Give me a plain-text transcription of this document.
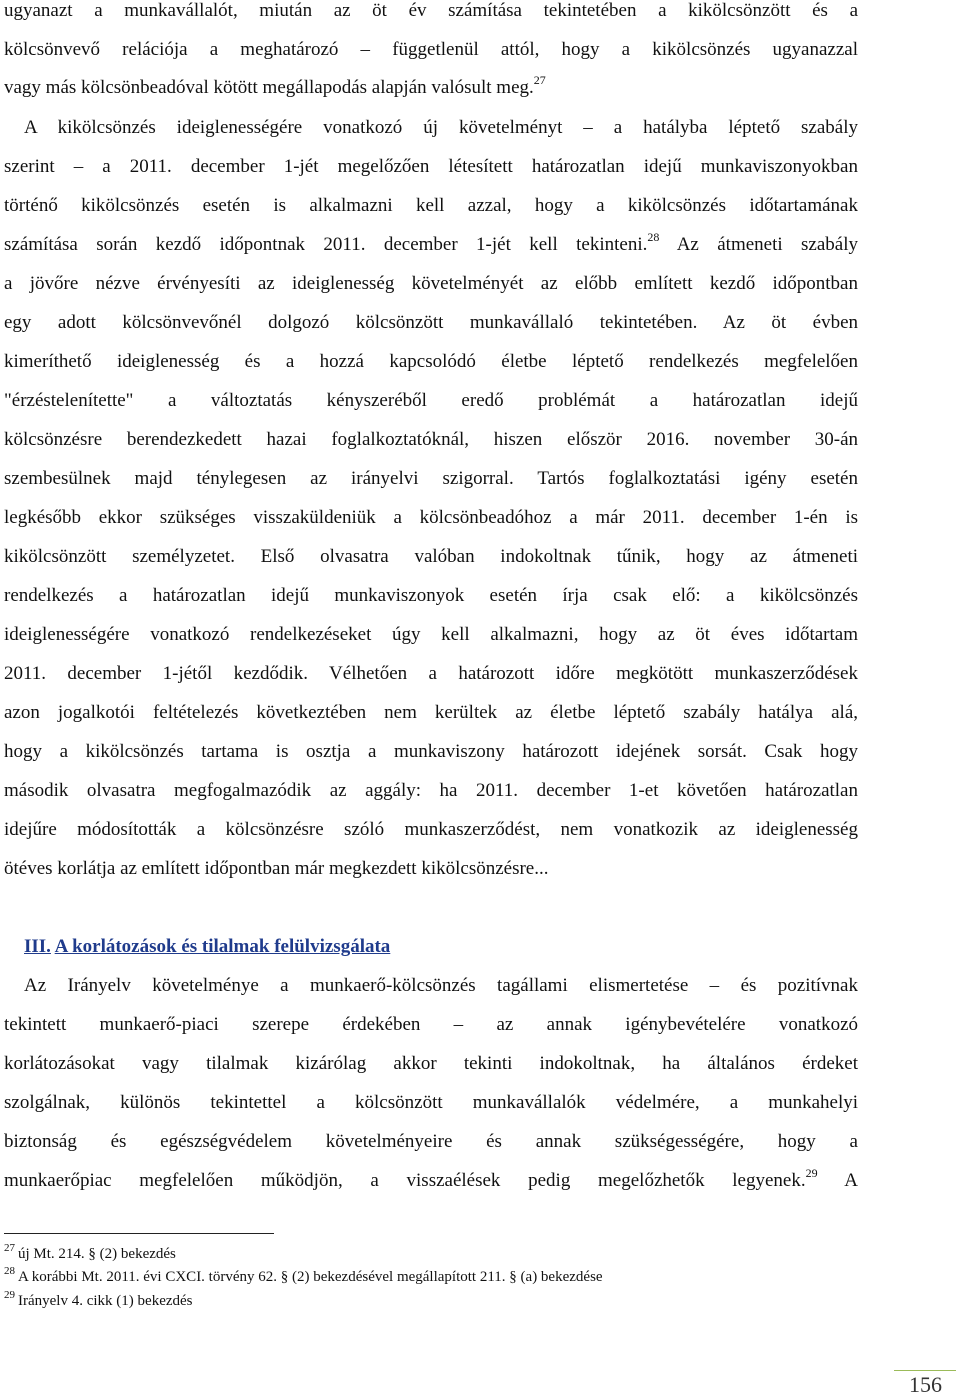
ugyanazt a munkavállalót, miután az öt év számítása tekintetében a kikölcsönzött és a
kölcsönvevő relációja a meghatározó – függetlenül attól, hogy a kikölcsönzés ugyanazzal
vagy más kölcsönbeadóval kötött megállapodás alapján valósult meg.$^{27}$
A kikölcsönzés ideiglenességére vonatkozó új követelményt – a hatályba léptető szabály
szerint – a 2011. december 1-jét megelőzően létesített határozatlan idejű munkaviszonyokban
történő kikölcsönzés esetén is alkalmazni kell azzal, hogy a kikölcsönzés időtartamának
számítása során kezdő időpontnak 2011. december 1-jét kell tekinteni.$^{28}$ Az átmeneti szabály
a jövőre nézve érvényesíti az ideiglenesség követelményét az előbb említett kezdő időpontban
egy adott kölcsönvevőnél dolgozó kölcsönzött munkavállaló tekintetében. Az öt évben
kimeríthető ideiglenesség és a hozzá kapcsolódó életbe léptető rendelkezés megfelelően
"érzéstelenítette" a változtatás kényszeréből eredő problémát a határozatlan idejű
kölcsönzésre berendezkedett hazai foglalkoztatóknál, hiszen először 2016. november 30-án
szembesülnek majd ténylegesen az irányelvi szigorral. Tartós foglalkoztatási igény esetén
legkésőbb ekkor szükséges visszaküldeniük a kölcsönbeadóhoz a már 2011. december 1-én is
kikölcsönzött személyzetet. Első olvasatra valóban indokoltnak tűnik, hogy az átmeneti
rendelkezés a határozatlan idejű munkaviszonyok esetén írja csak elő: a kikölcsönzés
ideiglenességére vonatkozó rendelkezéseket úgy kell alkalmazni, hogy az öt éves időtartam
2011. december 1-jétől kezdődik. Vélhetően a határozott időre megkötött munkaszerződések
azon jogalkotói feltételezés következtében nem kerültek az életbe léptető szabály hatálya alá,
hogy a kikölcsönzés tartama is osztja a munkaviszony határozott idejének sorsát. Csak hogy
második olvasatra megfogalmazódik az aggály: ha 2011. december 1-et követően határozatlan
idejűre módosították a kölcsönzésre szóló munkaszerződést, nem vonatkozik az ideiglenesség
ötéves korlátja az említett időpontban már megkezdett kikölcsönzésre...
III. A korlátozások és tilalmak felülvizsgálata
Az Irányelv követelménye a munkaerő-kölcsönzés tagállami elismertetése – és pozitívnak
tekintett munkaerő-piaci szerepe érdekében – az annak igénybevételére vonatkozó
korlátozásokat vagy tilalmak kizárólag akkor tekinti indokoltnak, ha általános érdeket
szolgálnak, különös tekintettel a kölcsönzött munkavállalók védelmére, a munkahelyi
biztonság és egészségvédelem követelményeire és annak szükségességére, hogy a
munkaerőpiac megfelelően működjön, a visszaélések pedig megelőzhetők legyenek.$^{29}$ A
$^{27}$ új Mt. 214. § (2) bekezdés
$^{28}$ A korábbi Mt. 2011. évi CXCI. törvény 62. § (2) bekezdésével megállapított 211. § (a) bekezdése
$^{29}$ Irányelv 4. cikk (1) bekezdés
156
